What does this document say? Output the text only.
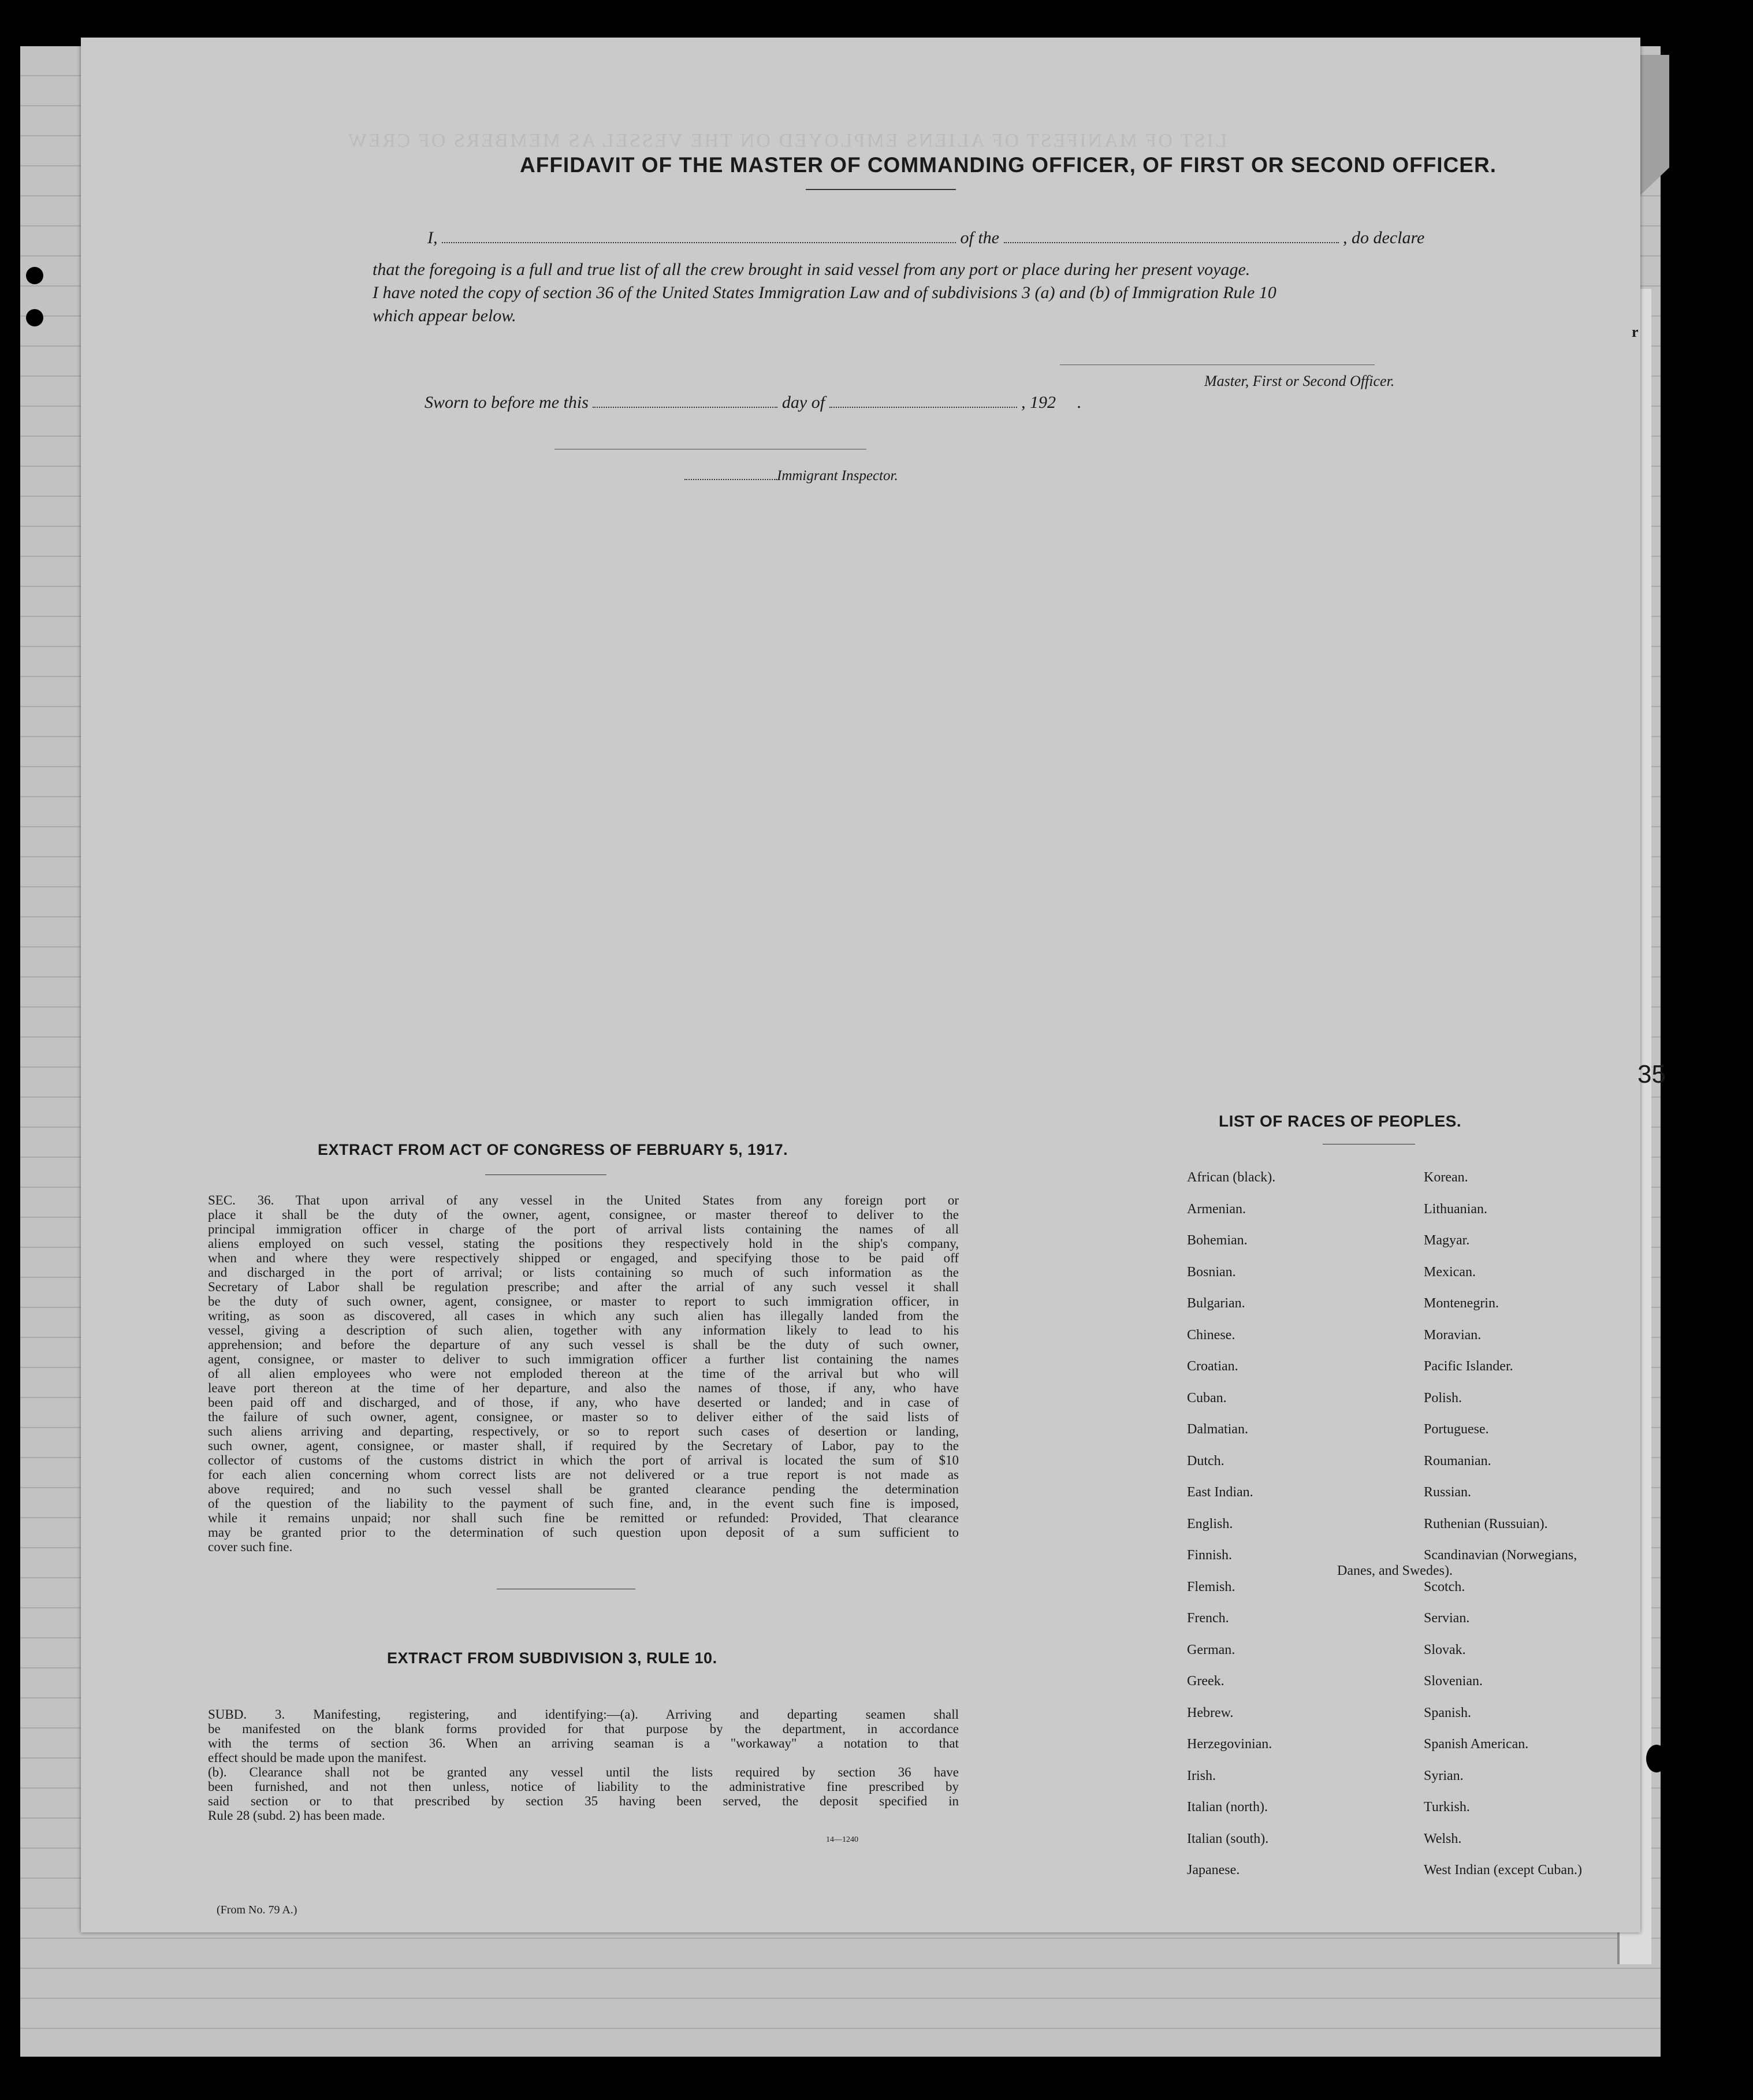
LIST OF MANIFEST OF ALIENS EMPLOYED ON THE VESSEL AS MEMBERS OF CREW
AFFIDAVIT OF THE MASTER OF COMMANDING OFFICER, OF FIRST OR SECOND OFFICER.
I,	of the	, do declare
that the foregoing is a full and true list of all the crew brought in said vessel from any port or place during her present voyage.
I have noted the copy of section 36 of the United States Immigration Law and of subdivisions 3 (a) and (b) of Immigration Rule 10
which appear below.
Master, First or Second Officer.
Sworn to before me this	day of	, 192 .
Immigrant Inspector.
EXTRACT FROM ACT OF CONGRESS OF FEBRUARY 5, 1917.
SEC. 36. That upon arrival of any vessel in the United States from any foreign port or
place it shall be the duty of the owner, agent, consignee, or master thereof to deliver to the
principal immigration officer in charge of the port of arrival lists containing the names of all
aliens employed on such vessel, stating the positions they respectively hold in the ship's company,
when and where they were respectively shipped or engaged, and specifying those to be paid off
and discharged in the port of arrival; or lists containing so much of such information as the
Secretary of Labor shall be regulation prescribe; and after the arrial of any such vessel it shall
be the duty of such owner, agent, consignee, or master to report to such immigration officer, in
writing, as soon as discovered, all cases in which any such alien has illegally landed from the
vessel, giving a description of such alien, together with any information likely to lead to his
apprehension; and before the departure of any such vessel is shall be the duty of such owner,
agent, consignee, or master to deliver to such immigration officer a further list containing the names
of all alien employees who were not emploded thereon at the time of the arrival but who will
leave port thereon at the time of her departure, and also the names of those, if any, who have
been paid off and discharged, and of those, if any, who have deserted or landed; and in case of
the failure of such owner, agent, consignee, or master so to deliver either of the said lists of
such aliens arriving and departing, respectively, or so to report such cases of desertion or landing,
such owner, agent, consignee, or master shall, if required by the Secretary of Labor, pay to the
collector of customs of the customs district in which the port of arrival is located the sum of $10
for each alien concerning whom correct lists are not delivered or a true report is not made as
above required; and no such vessel shall be granted clearance pending the determination
of the question of the liability to the payment of such fine, and, in the event such fine is imposed,
while it remains unpaid; nor shall such fine be remitted or refunded: Provided, That clearance
may be granted prior to the determination of such question upon deposit of a sum sufficient to
cover such fine.
EXTRACT FROM SUBDIVISION 3, RULE 10.
SUBD. 3. Manifesting, registering, and identifying:—(a). Arriving and departing seamen shall
be manifested on the blank forms provided for that purpose by the department, in accordance
with the terms of section 36. When an arriving seaman is a "workaway" a notation to that
effect should be made upon the manifest.
(b). Clearance shall not be granted any vessel until the lists required by section 36 have
been furnished, and not then unless, notice of liability to the administrative fine prescribed by
said section or to that prescribed by section 35 having been served, the deposit specified in
Rule 28 (subd. 2) has been made.
14—1240
(From No. 79 A.)
LIST OF RACES OF PEOPLES.
African (black).
Armenian.
Bohemian.
Bosnian.
Bulgarian.
Chinese.
Croatian.
Cuban.
Dalmatian.
Dutch.
East Indian.
English.
Finnish.
Flemish.
French.
German.
Greek.
Hebrew.
Herzegovinian.
Irish.
Italian (north).
Italian (south).
Japanese.
Korean.
Lithuanian.
Magyar.
Mexican.
Montenegrin.
Moravian.
Pacific Islander.
Polish.
Portuguese.
Roumanian.
Russian.
Ruthenian (Russuian).
Scandinavian (Norwegians,
Danes, and Swedes).
Scotch.
Servian.
Slovak.
Slovenian.
Spanish.
Spanish American.
Syrian.
Turkish.
Welsh.
West Indian (except Cuban.)
r
35
